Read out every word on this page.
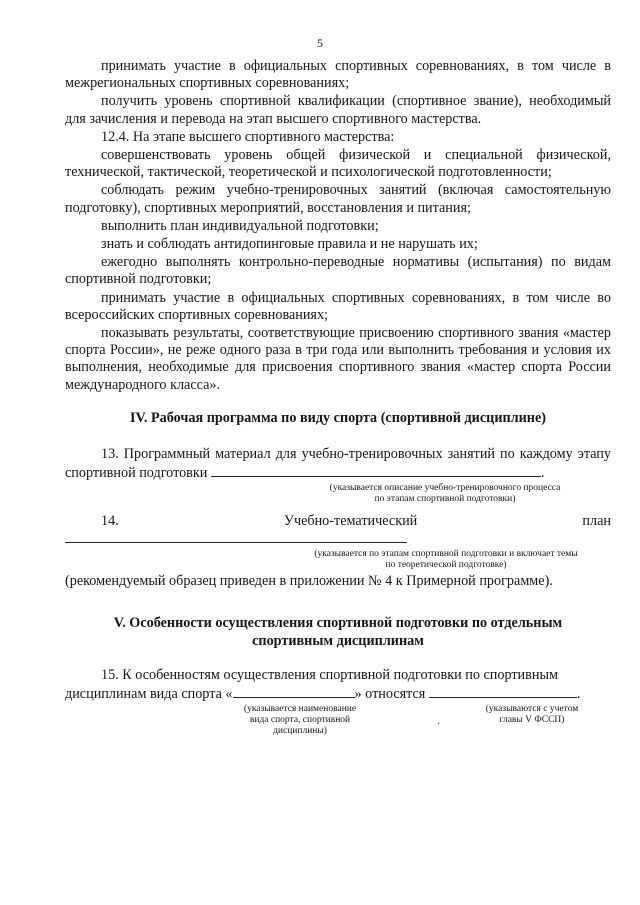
5

принимать участие в официальных спортивных соревнованиях, в том числе в межрегиональных спортивных соревнованиях;

получить уровень спортивной квалификации (спортивное звание), необходимый для зачисления и перевода на этап высшего спортивного мастерства.

12.4. На этапе высшего спортивного мастерства:

совершенствовать уровень общей физической и специальной физической, технической, тактической, теоретической и психологической подготовленности;

соблюдать режим учебно-тренировочных занятий (включая самостоятельную подготовку), спортивных мероприятий, восстановления и питания;

выполнить план индивидуальной подготовки;

знать и соблюдать антидопинговые правила и не нарушать их;

ежегодно выполнять контрольно-переводные нормативы (испытания) по видам спортивной подготовки;

принимать участие в официальных спортивных соревнованиях, в том числе во всероссийских спортивных соревнованиях;

показывать результаты, соответствующие присвоению спортивного звания «мастер спорта России», не реже одного раза в три года или выполнить требования и условия их выполнения, необходимые для присвоения спортивного звания «мастер спорта России международного класса».

IV. Рабочая программа по виду спорта (спортивной дисциплине)

13. Программный материал для учебно-тренировочных занятий по каждому этапу спортивной подготовки	.

(указывается описание учебно-тренировочного процесса
по этапам спортивной подготовки)

14. Учебно-тематический план

(указывается по этапам спортивной подготовки и включает темы
по теоретической подготовке)

(рекомендуемый образец приведен в приложении № 4 к Примерной программе).

V. Особенности осуществления спортивной подготовки по отдельным
спортивным дисциплинам

15. К особенностям осуществления спортивной подготовки по спортивным

дисциплинам вида спорта «	» относятся	.
(указывается наименование
вида спорта, спортивной
дисциплины)
(указываются с учетом
главы V ФССП)
·
